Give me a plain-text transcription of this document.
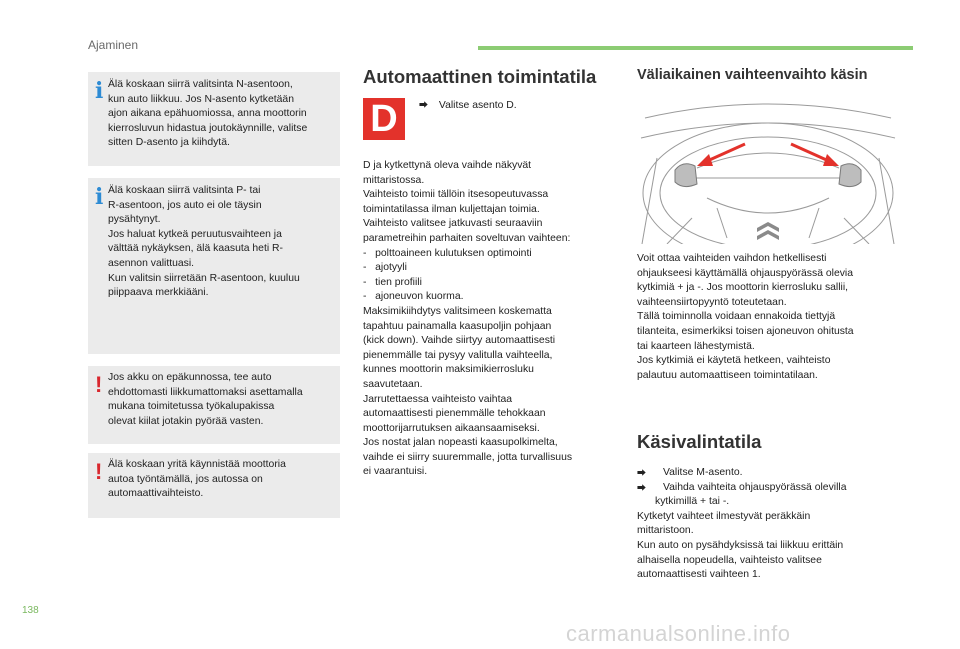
Ajaminen
i Älä koskaan siirrä valitsinta N-asentoon,
kun auto liikkuu. Jos N-asento kytketään
ajon aikana epähuomiossa, anna moottorin
kierrosluvun hidastua joutokäynnille, valitse
sitten D-asento ja kiihdytä.

i Älä koskaan siirrä valitsinta P- tai
R-asentoon, jos auto ei ole täysin
pysähtynyt.
Jos haluat kytkeä peruutusvaihteen ja
välttää nykäyksen, älä kaasuta heti R-
asennon valittuasi.
Kun valitsin siirretään R-asentoon, kuuluu
piippaava merkkiääni.

! Jos akku on epäkunnossa, tee auto
ehdottomasti liikkumattomaksi asettamalla
mukana toimitetussa työkalupakissa
olevat kiilat jotakin pyörää vasten.

! Älä koskaan yritä käynnistää moottoria
autoa työntämällä, jos autossa on
automaattivaihteisto.

Automaattinen toimintatila
D	⮕ Valitse asento D.

D ja kytkettynä oleva vaihde näkyvät

mittaristossa.

Vaihteisto toimii tällöin itsesopeutuvassa

toimintatilassa ilman kuljettajan toimia.

Vaihteisto valitsee jatkuvasti seuraaviin

parametreihin parhaiten soveltuvan vaihteen:

-   polttoaineen kulutuksen optimointi

-   ajotyyli

-   tien profiili

-   ajoneuvon kuorma.

Maksimikiihdytys valitsimeen koskematta

tapahtuu painamalla kaasupoljin pohjaan

(kick down). Vaihde siirtyy automaattisesti

pienemmälle tai pysyy valitulla vaihteella,

kunnes moottorin maksimikierrosluku

saavutetaan.

Jarrutettaessa vaihteisto vaihtaa

automaattisesti pienemmälle tehokkaan

moottorijarrutuksen aikaansaamiseksi.

Jos nostat jalan nopeasti kaasupolkimelta,

vaihde ei siirry suuremmalle, jotta turvallisuus

ei vaarantuisi.

Väliaikainen vaihteenvaihto käsin

Voit ottaa vaihteiden vaihdon hetkellisesti

ohjaukseesi käyttämällä ohjauspyörässä olevia

kytkimiä + ja -. Jos moottorin kierrosluku sallii,

vaihteensiirtopyyntö toteutetaan.

Tällä toiminnolla voidaan ennakoida tiettyjä

tilanteita, esimerkiksi toisen ajoneuvon ohitusta

tai kaarteen lähestymistä.

Jos kytkimiä ei käytetä hetkeen, vaihteisto

palautuu automaattiseen toimintatilaan.

Käsivalintatila
⮕	Valitse M-asento.
⮕	Vaihda vaihteita ohjauspyörässä olevilla
kytkimillä + tai -.

Kytketyt vaihteet ilmestyvät peräkkäin

mittaristoon.

Kun auto on pysähdyksissä tai liikkuu erittäin

alhaisella nopeudella, vaihteisto valitsee

automaattisesti vaihteen 1.

138
carmanualsonline.info
